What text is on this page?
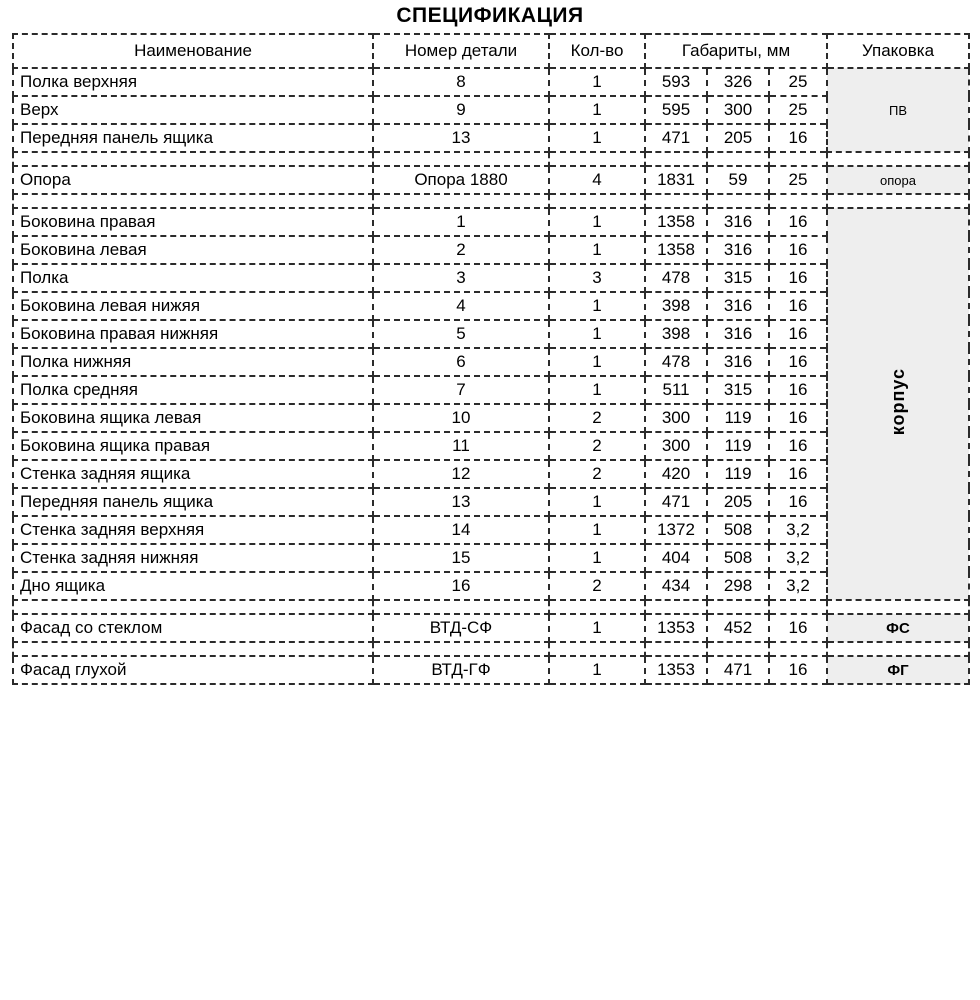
СПЕЦИФИКАЦИЯ
Наименование	Номер детали	Кол-во	Габариты, мм			Упаковка
Полка верхняя	8	1	593	326	25	ПВ
Верх	9	1	595	300	25	
Передняя панель ящика	13	1	471	205	16	

Опора	Опора 1880	4	1831	59	25	опора

Боковина правая	1	1	1358	316	16	корпус
Боковина левая	2	1	1358	316	16	
Полка	3	3	478	315	16	
Боковина левая нижяя	4	1	398	316	16	
Боковина правая нижняя	5	1	398	316	16	
Полка нижняя	6	1	478	316	16	
Полка средняя	7	1	511	315	16	
Боковина ящика левая	10	2	300	119	16	
Боковина ящика правая	11	2	300	119	16	
Стенка задняя ящика	12	2	420	119	16	
Передняя панель ящика	13	1	471	205	16	
Стенка задняя верхняя	14	1	1372	508	3,2	
Стенка задняя нижняя	15	1	404	508	3,2	
Дно ящика	16	2	434	298	3,2	

Фасад со стеклом	ВТД-СФ	1	1353	452	16	ФС

Фасад глухой	ВТД-ГФ	1	1353	471	16	ФГ
